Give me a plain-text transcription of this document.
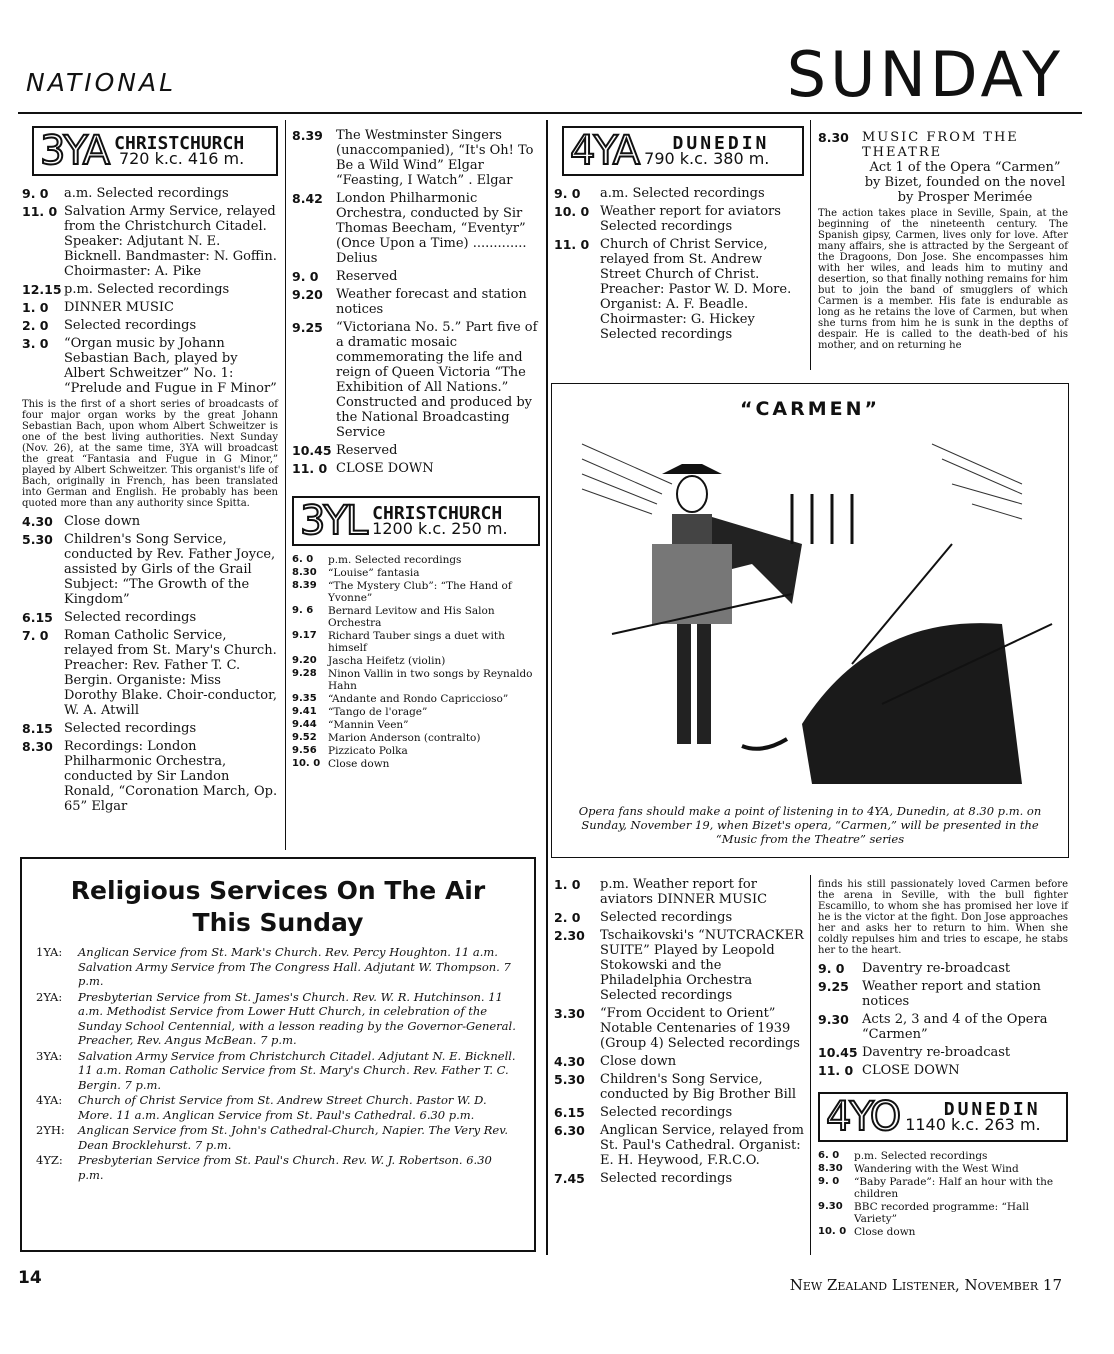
NATIONAL	SUNDAY
3YA CHRISTCHURCH
720 k.c. 416 m.
9. 0	a.m. Selected recordings
11. 0 Salvation Army Service, relayed from the Christchurch Citadel. Speaker: Adjutant N. E. Bicknell. Bandmaster: N. Goffin. Choirmaster: A. Pike
12.15 p.m. Selected recordings
1. 0	DINNER MUSIC
2. 0	Selected recordings
3. 0	“Organ music by Johann Sebastian Bach, played by Albert Schweitzer” No. 1: “Prelude and Fugue in F Minor”
This is the first of a short series of broadcasts of four major organ works by the great Johann Sebastian Bach, upon whom Albert Schweitzer is one of the best living authorities. Next Sunday (Nov. 26), at the same time, 3YA will broadcast the great “Fantasia and Fugue in G Minor,” played by Albert Schweitzer. This organist's life of Bach, originally in French, has been translated into German and English. He probably has been quoted more than any authority since Spitta.
4.30 Close down
5.30 Children's Song Service, conducted by Rev. Father Joyce, assisted by Girls of the Grail Subject: “The Growth of the Kingdom”
6.15 Selected recordings
7. 0	Roman Catholic Service, relayed from St. Mary's Church. Preacher: Rev. Father T. C. Bergin. Organiste: Miss Dorothy Blake. Choir-conductor, W. A. Atwill
8.15 Selected recordings
8.30 Recordings: London Philharmonic Orchestra, conducted by Sir Landon Ronald, “Coronation March, Op. 65” Elgar
8.39	The Westminster Singers (unaccompanied), “It's Oh! To Be a Wild Wind” Elgar “Feasting, I Watch” . Elgar
8.42	London Philharmonic Orchestra, conducted by Sir Thomas Beecham, “Eventyr” (Once Upon a Time) ............. Delius
9. 0	Reserved
9.20	Weather forecast and station notices
9.25	“Victoriana No. 5.” Part five of a dramatic mosaic commemorating the life and reign of Queen Victoria “The Exhibition of All Nations.” Constructed and produced by the National Broadcasting Service
10.45 Reserved
11. 0 CLOSE DOWN
3YL CHRISTCHURCH
1200 k.c. 250 m.
6. 0	p.m. Selected recordings
8.30	“Louise” fantasia
8.39	“The Mystery Club”: “The Hand of Yvonne”
9. 6	Bernard Levitow and His Salon Orchestra
9.17	Richard Tauber sings a duet with himself
9.20	Jascha Heifetz (violin)
9.28	Ninon Vallin in two songs by Reynaldo Hahn
9.35	“Andante and Rondo Capriccioso”
9.41	“Tango de l'orage”
9.44	“Mannin Veen”
9.52	Marion Anderson (contralto)
9.56	Pizzicato Polka
10. 0 Close down
4YA	DUNEDIN
790 k.c. 380 m.
9. 0	a.m. Selected recordings
10. 0 Weather report for aviators Selected recordings
11. 0 Church of Christ Service, relayed from St. Andrew Street Church of Christ. Preacher: Pastor W. D. More. Organist: A. F. Beadle. Choirmaster: G. Hickey Selected recordings
8.30	MUSIC FROM THE THEATRE
Act 1 of the Opera “Carmen” by Bizet, founded on the novel by Prosper Merimée
The action takes place in Seville, Spain, at the beginning of the nineteenth century. The Spanish gipsy, Carmen, lives only for love. After many affairs, she is attracted by the Sergeant of the Dragoons, Don Jose. She encompasses him with her wiles, and leads him to mutiny and desertion, so that finally nothing remains for him but to join the band of smugglers of which Carmen is a member. His fate is endurable as long as he retains the love of Carmen, but when she turns from him he is sunk in the depths of despair. He is called to the death-bed of his mother, and on returning he
“CARMEN”
Opera fans should make a point of listening in to 4YA, Dunedin, at 8.30 p.m. on Sunday, November 19, when Bizet's opera, “Carmen,” will be presented in the “Music from the Theatre” series
1. 0	p.m. Weather report for aviators DINNER MUSIC
2. 0	Selected recordings
2.30	Tschaikovski's “NUTCRACKER SUITE” Played by Leopold Stokowski and the Philadelphia Orchestra Selected recordings
3.30	“From Occident to Orient” Notable Centenaries of 1939 (Group 4) Selected recordings
4.30	Close down
5.30	Children's Song Service, conducted by Big Brother Bill
6.15	Selected recordings
6.30	Anglican Service, relayed from St. Paul's Cathedral. Organist: E. H. Heywood, F.R.C.O.
7.45	Selected recordings
finds his still passionately loved Carmen before the arena in Seville, with the bull fighter Escamillo, to whom she has promised her love if he is the victor at the fight. Don Jose approaches her and asks her to return to him. When she coldly repulses him and tries to escape, he stabs her to the heart.
9. 0	Daventry re-broadcast
9.25	Weather report and station notices
9.30	Acts 2, 3 and 4 of the Opera “Carmen”
10.45 Daventry re-broadcast
11. 0 CLOSE DOWN
4YO	DUNEDIN
1140 k.c. 263 m.
6. 0	p.m. Selected recordings
8.30	Wandering with the West Wind
9. 0	“Baby Parade”: Half an hour with the children
9.30	BBC recorded programme: “Hall Variety”
10. 0 Close down
Religious Services On The Air
This Sunday
1YA:	Anglican Service from St. Mark's Church. Rev. Percy Houghton. 11 a.m. Salvation Army Service from The Congress Hall. Adjutant W. Thompson. 7 p.m.
2YA:	Presbyterian Service from St. James's Church. Rev. W. R. Hutchinson. 11 a.m. Methodist Service from Lower Hutt Church, in celebration of the Sunday School Centennial, with a lesson reading by the Governor-General. Preacher, Rev. Angus McBean. 7 p.m.
3YA:	Salvation Army Service from Christchurch Citadel. Adjutant N. E. Bicknell. 11 a.m. Roman Catholic Service from St. Mary's Church. Rev. Father T. C. Bergin. 7 p.m.
4YA:	Church of Christ Service from St. Andrew Street Church. Pastor W. D. More. 11 a.m. Anglican Service from St. Paul's Cathedral. 6.30 p.m.
2YH:	Anglican Service from St. John's Cathedral-Church, Napier. The Very Rev. Dean Brocklehurst. 7 p.m.
4YZ:	Presbyterian Service from St. Paul's Church. Rev. W. J. Robertson. 6.30 p.m.
14	New Zealand Listener, November 17
